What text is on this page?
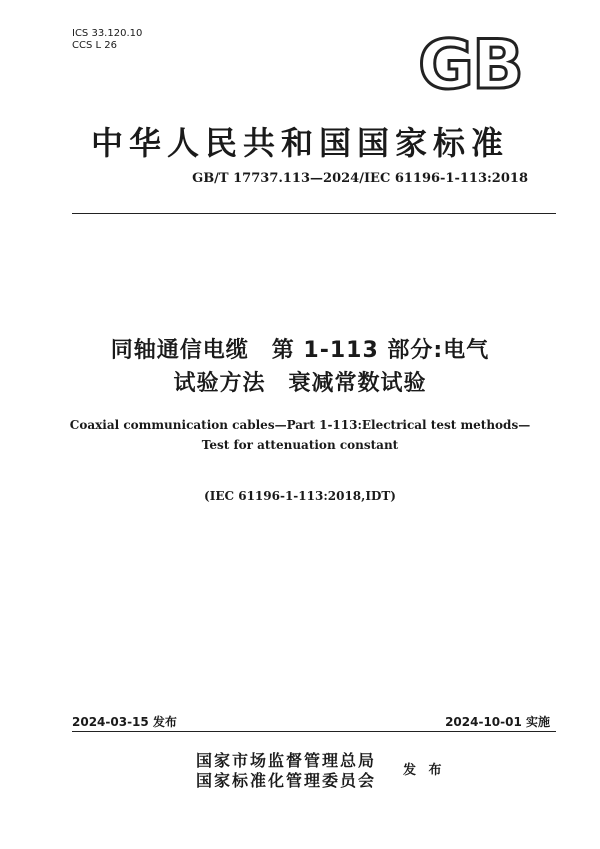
ICS 33.120.10
CCS L 26	GB
中华人民共和国国家标准
GB/T 17737.113—2024/IEC 61196-1-113:2018
同轴通信电缆　第 1-113 部分:电气
试验方法　衰减常数试验
Coaxial communication cables—Part 1-113:Electrical test methods—
Test for attenuation constant
(IEC 61196-1-113:2018,IDT)
2024-03-15 发布	2024-10-01 实施
国家市场监督管理总局
国家标准化管理委员会
发 布
